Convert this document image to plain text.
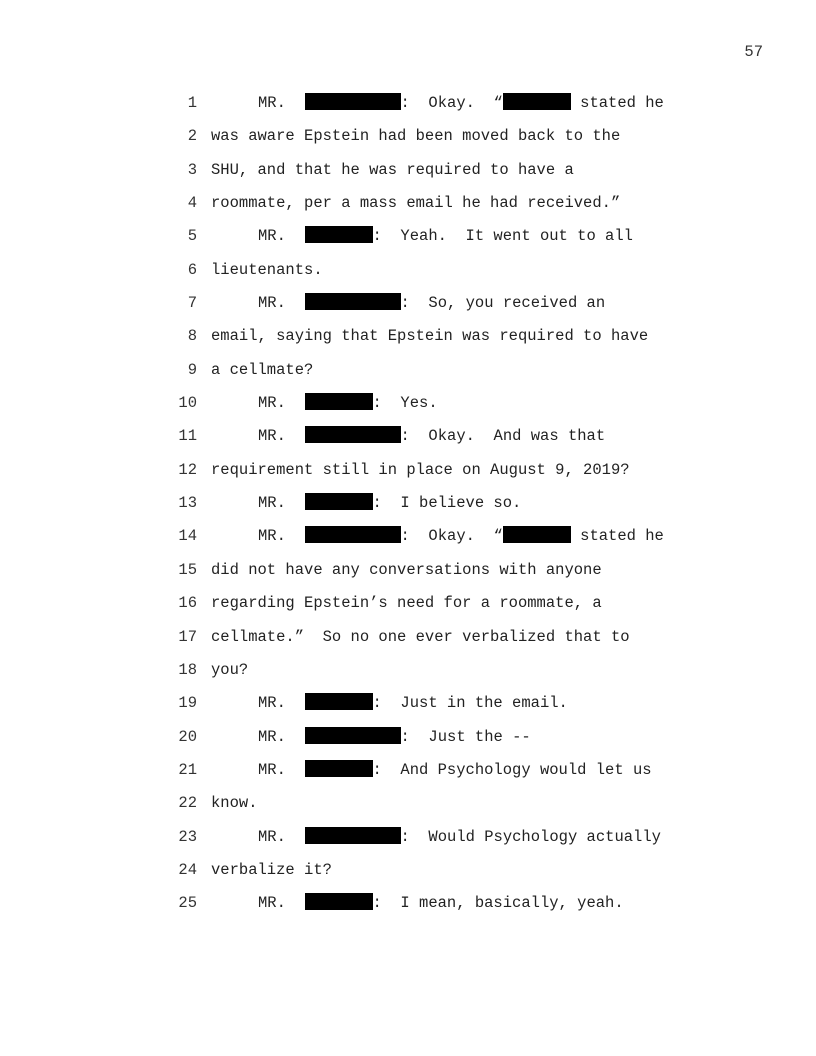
57
1	MR.	:  Okay.  “	stated he
2 was aware Epstein had been moved back to the
3 SHU, and that he was required to have a
4 roommate, per a mass email he had received.”
5	MR.	:  Yeah.  It went out to all
6 lieutenants.
7	MR.	:  So, you received an
8 email, saying that Epstein was required to have
9 a cellmate?
10	MR.	:  Yes.
11	MR.	:  Okay.  And was that
12 requirement still in place on August 9, 2019?
13	MR.	:  I believe so.
14	MR.	:  Okay.  “	stated he
15 did not have any conversations with anyone
16 regarding Epstein’s need for a roommate, a
17 cellmate.”  So no one ever verbalized that to
18 you?
19	MR.	:  Just in the email.
20	MR.	:  Just the --
21	MR.	:  And Psychology would let us
22 know.
23	MR.	:  Would Psychology actually
24 verbalize it?
25	MR.	:  I mean, basically, yeah.
